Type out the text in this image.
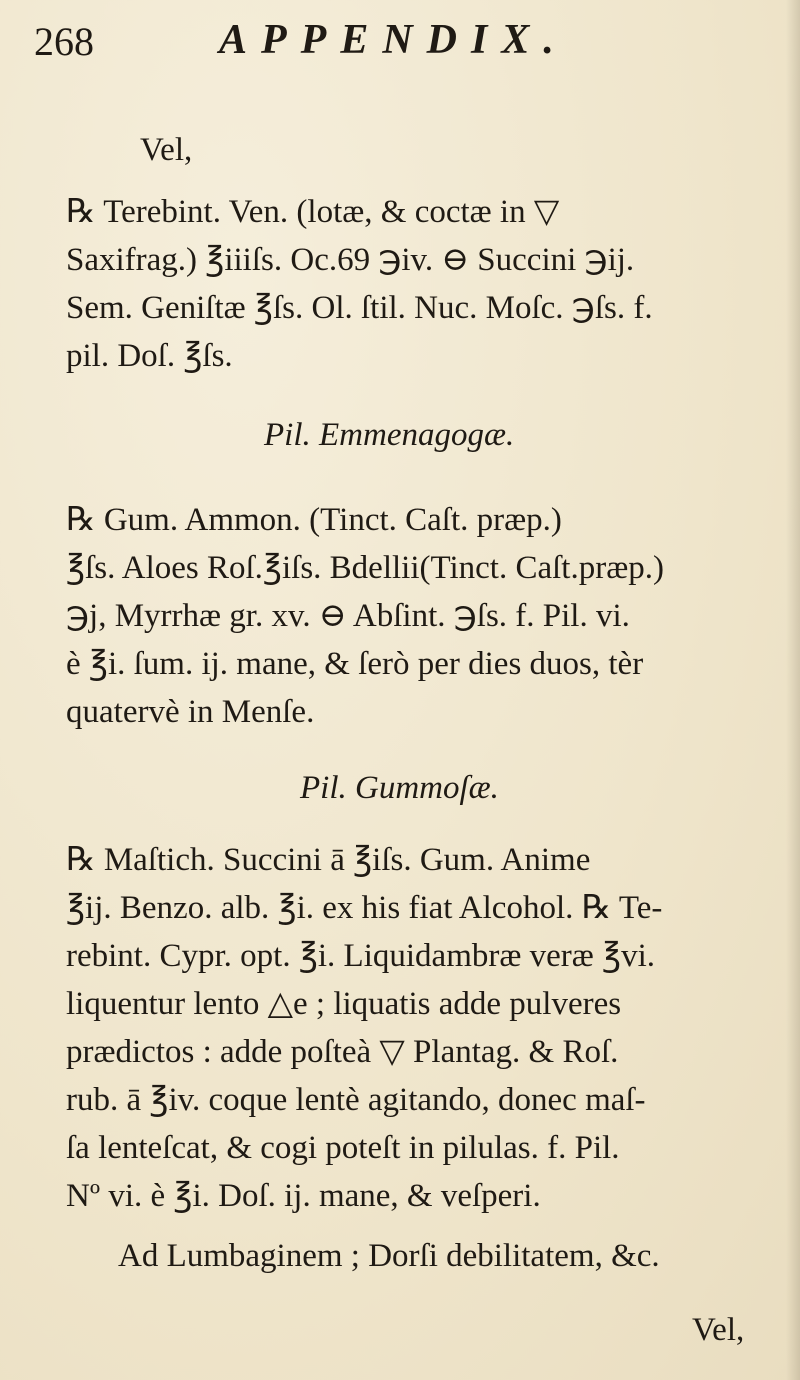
268	APPENDIX.
Vel,
℞ Terebint. Ven. (lotæ, & coctæ in ▽
Saxifrag.) ℥iiiſs. Oc.69 ℈iv. ⊖ Succini ℈ij.
Sem. Geniſtæ ℥ſs. Ol. ſtil. Nuc. Moſc. ℈ſs. f.
pil. Doſ. ℥ſs.
Pil. Emmenagogæ.
℞ Gum. Ammon. (Tinct. Caſt. præp.)
℥ſs. Aloes Roſ.℥iſs. Bdellii(Tinct. Caſt.præp.)
℈j, Myrrhæ gr. xv. ⊖ Abſint. ℈ſs. f. Pil. vi.
è ℥i. ſum. ij. mane, & ſerò per dies duos, tèr
quatervè in Menſe.
Pil. Gummoſæ.
℞ Maſtich. Succini ā ℥iſs. Gum. Anime
℥ij. Benzo. alb. ℥i. ex his fiat Alcohol. ℞ Te-
rebint. Cypr. opt. ℥i. Liquidambræ veræ ℥vi.
liquentur lento △e ; liquatis adde pulveres
prædictos : adde poſteà ▽ Plantag. & Roſ.
rub. ā ℥iv. coque lentè agitando, donec maſ-
ſa lenteſcat, & cogi poteſt in pilulas. f. Pil.
Nº vi. è ℥i. Doſ. ij. mane, & veſperi.
Ad Lumbaginem ; Dorſi debilitatem, &c.
Vel,
